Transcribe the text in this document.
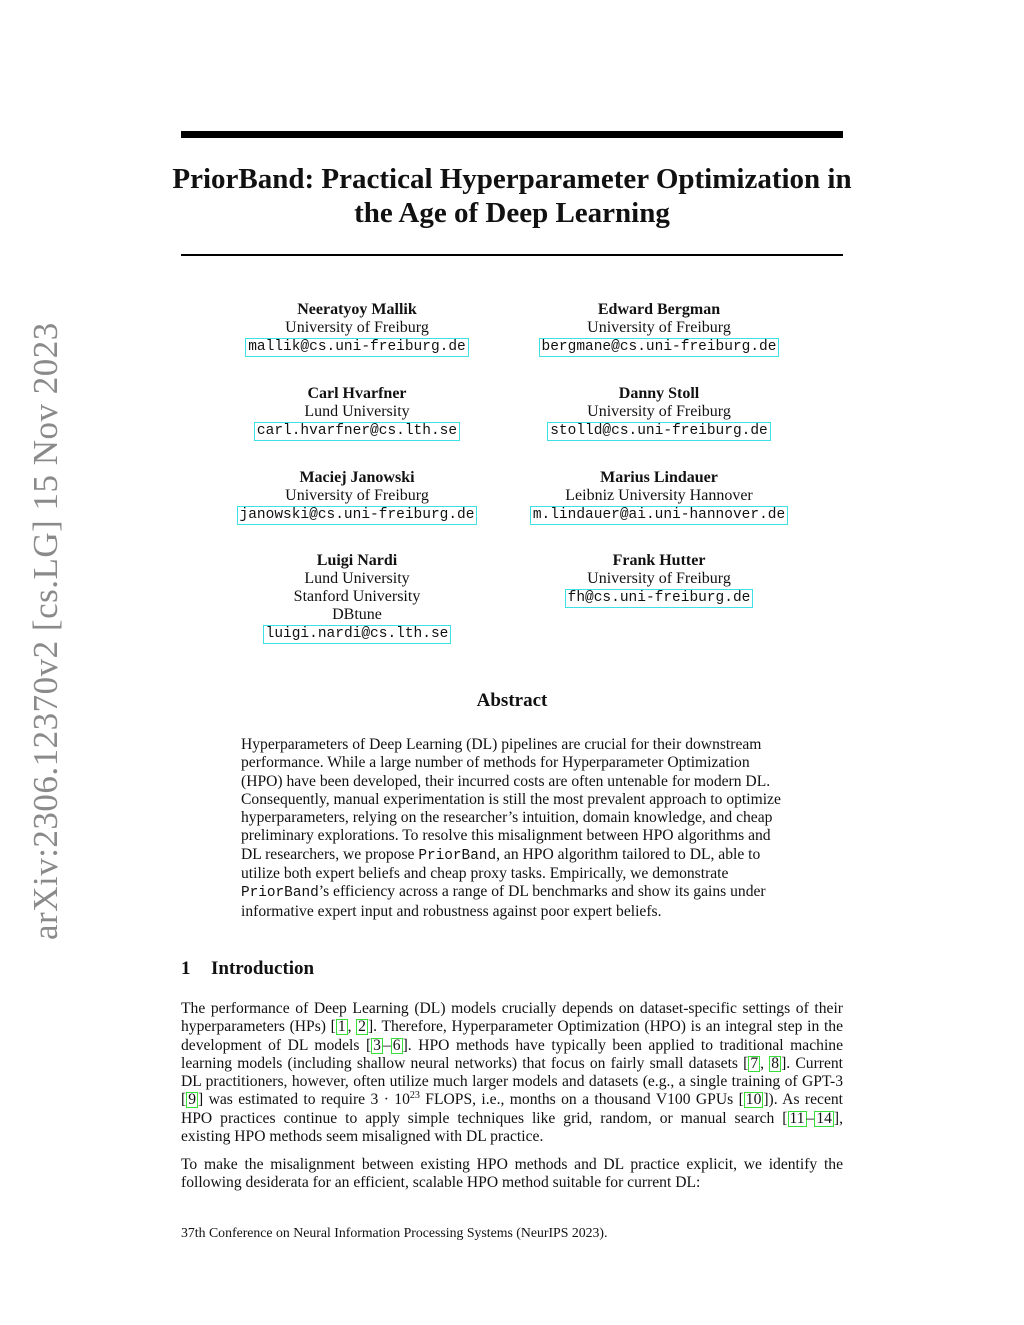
PriorBand: Practical Hyperparameter Optimization in the Age of Deep Learning
arXiv:2306.12370v2 [cs.LG] 15 Nov 2023
Neeratyoy Mallik
University of Freiburg
mallik@cs.uni-freiburg.de
Edward Bergman
University of Freiburg
bergmane@cs.uni-freiburg.de
Carl Hvarfner
Lund University
carl.hvarfner@cs.lth.se
Danny Stoll
University of Freiburg
stolld@cs.uni-freiburg.de
Maciej Janowski
University of Freiburg
janowski@cs.uni-freiburg.de
Marius Lindauer
Leibniz University Hannover
m.lindauer@ai.uni-hannover.de
Luigi Nardi
Lund University
Stanford University
DBtune
luigi.nardi@cs.lth.se
Frank Hutter
University of Freiburg
fh@cs.uni-freiburg.de
Abstract

Hyperparameters of Deep Learning (DL) pipelines are crucial for their downstream performance. While a large number of methods for Hyperparameter Optimization (HPO) have been developed, their incurred costs are often untenable for modern DL. Consequently, manual experimentation is still the most prevalent approach to optimize hyperparameters, relying on the researcher’s intuition, domain knowledge, and cheap preliminary explorations. To resolve this misalignment between HPO algorithms and DL researchers, we propose PriorBand, an HPO algorithm tailored to DL, able to utilize both expert beliefs and cheap proxy tasks. Empirically, we demonstrate PriorBand’s efficiency across a range of DL benchmarks and show its gains under informative expert input and robustness against poor expert beliefs.

1 Introduction

The performance of Deep Learning (DL) models crucially depends on dataset-specific settings of their hyperparameters (HPs) [ 1 , 2 ]. Therefore, Hyperparameter Optimization (HPO) is an integral step in the development of DL models [ 3 – 6 ]. HPO methods have typically been applied to traditional machine learning models (including shallow neural networks) that focus on fairly small datasets [ 7 , 8 ]. Current DL practitioners, however, often utilize much larger models and datasets (e.g., a single training of GPT-3 [ 9 ] was estimated to require $3 \cdot 10^{23}$ FLOPS, i.e., months on a thousand V100 GPUs [ 10 ]). As recent HPO practices continue to apply simple techniques like grid, random, or manual search [ 11 – 14 ], existing HPO methods seem misaligned with DL practice.

To make the misalignment between existing HPO methods and DL practice explicit, we identify the following desiderata for an efficient, scalable HPO method suitable for current DL:

37th Conference on Neural Information Processing Systems (NeurIPS 2023).
